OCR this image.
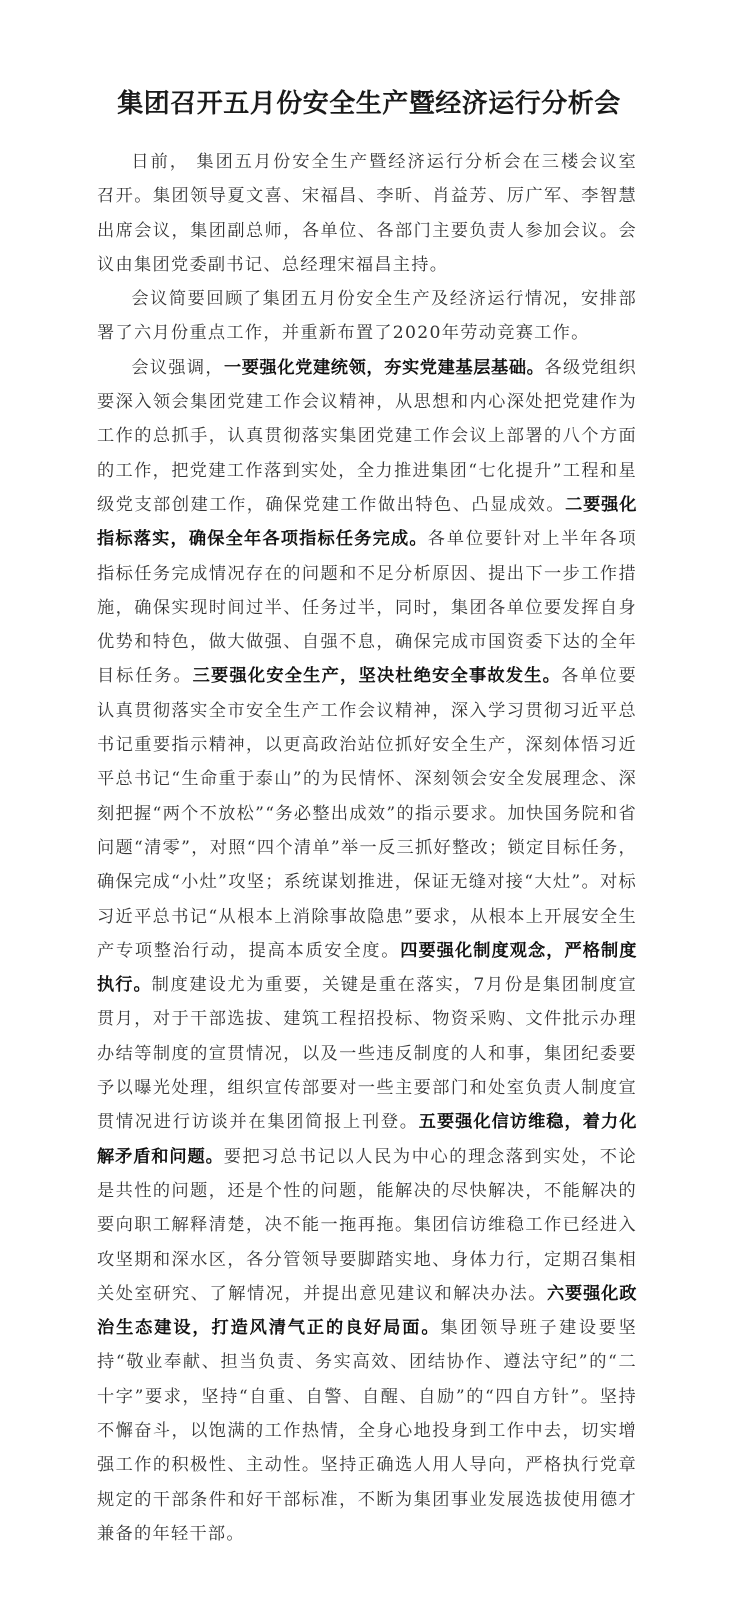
集团召开五月份安全生产暨经济运行分析会

日前， 集团五月份安全生产暨经济运行分析会在三楼会议室召开。集团领导夏文喜、宋福昌、李昕、肖益芳、厉广军、李智慧出席会议，集团副总师，各单位、各部门主要负责人参加会议。会议由集团党委副书记、总经理宋福昌主持。

会议简要回顾了集团五月份安全生产及经济运行情况，安排部署了六月份重点工作，并重新布置了2020年劳动竞赛工作。

会议强调，一要强化党建统领，夯实党建基层基础。各级党组织要深入领会集团党建工作会议精神，从思想和内心深处把党建作为工作的总抓手，认真贯彻落实集团党建工作会议上部署的八个方面的工作，把党建工作落到实处，全力推进集团“七化提升”工程和星级党支部创建工作，确保党建工作做出特色、凸显成效。二要强化指标落实，确保全年各项指标任务完成。各单位要针对上半年各项指标任务完成情况存在的问题和不足分析原因、提出下一步工作措施，确保实现时间过半、任务过半，同时，集团各单位要发挥自身优势和特色，做大做强、自强不息，确保完成市国资委下达的全年目标任务。三要强化安全生产，坚决杜绝安全事故发生。各单位要认真贯彻落实全市安全生产工作会议精神，深入学习贯彻习近平总书记重要指示精神，以更高政治站位抓好安全生产，深刻体悟习近平总书记“生命重于泰山”的为民情怀、深刻领会安全发展理念、深刻把握“两个不放松”“务必整出成效”的指示要求。加快国务院和省问题“清零”，对照“四个清单”举一反三抓好整改；锁定目标任务，确保完成“小灶”攻坚；系统谋划推进，保证无缝对接“大灶”。对标习近平总书记“从根本上消除事故隐患”要求，从根本上开展安全生产专项整治行动，提高本质安全度。四要强化制度观念，严格制度执行。制度建设尤为重要，关键是重在落实，7月份是集团制度宣贯月，对于干部选拔、建筑工程招投标、物资采购、文件批示办理办结等制度的宣贯情况，以及一些违反制度的人和事，集团纪委要予以曝光处理，组织宣传部要对一些主要部门和处室负责人制度宣贯情况进行访谈并在集团简报上刊登。五要强化信访维稳，着力化解矛盾和问题。要把习总书记以人民为中心的理念落到实处，不论是共性的问题，还是个性的问题，能解决的尽快解决，不能解决的要向职工解释清楚，决不能一拖再拖。集团信访维稳工作已经进入攻坚期和深水区，各分管领导要脚踏实地、身体力行，定期召集相关处室研究、了解情况，并提出意见建议和解决办法。六要强化政治生态建设，打造风清气正的良好局面。集团领导班子建设要坚持“敬业奉献、担当负责、务实高效、团结协作、遵法守纪”的“二十字”要求，坚持“自重、自警、自醒、自励”的“四自方针”。坚持不懈奋斗，以饱满的工作热情，全身心地投身到工作中去，切实增强工作的积极性、主动性。坚持正确选人用人导向，严格执行党章规定的干部条件和好干部标准，不断为集团事业发展选拔使用德才兼备的年轻干部。
